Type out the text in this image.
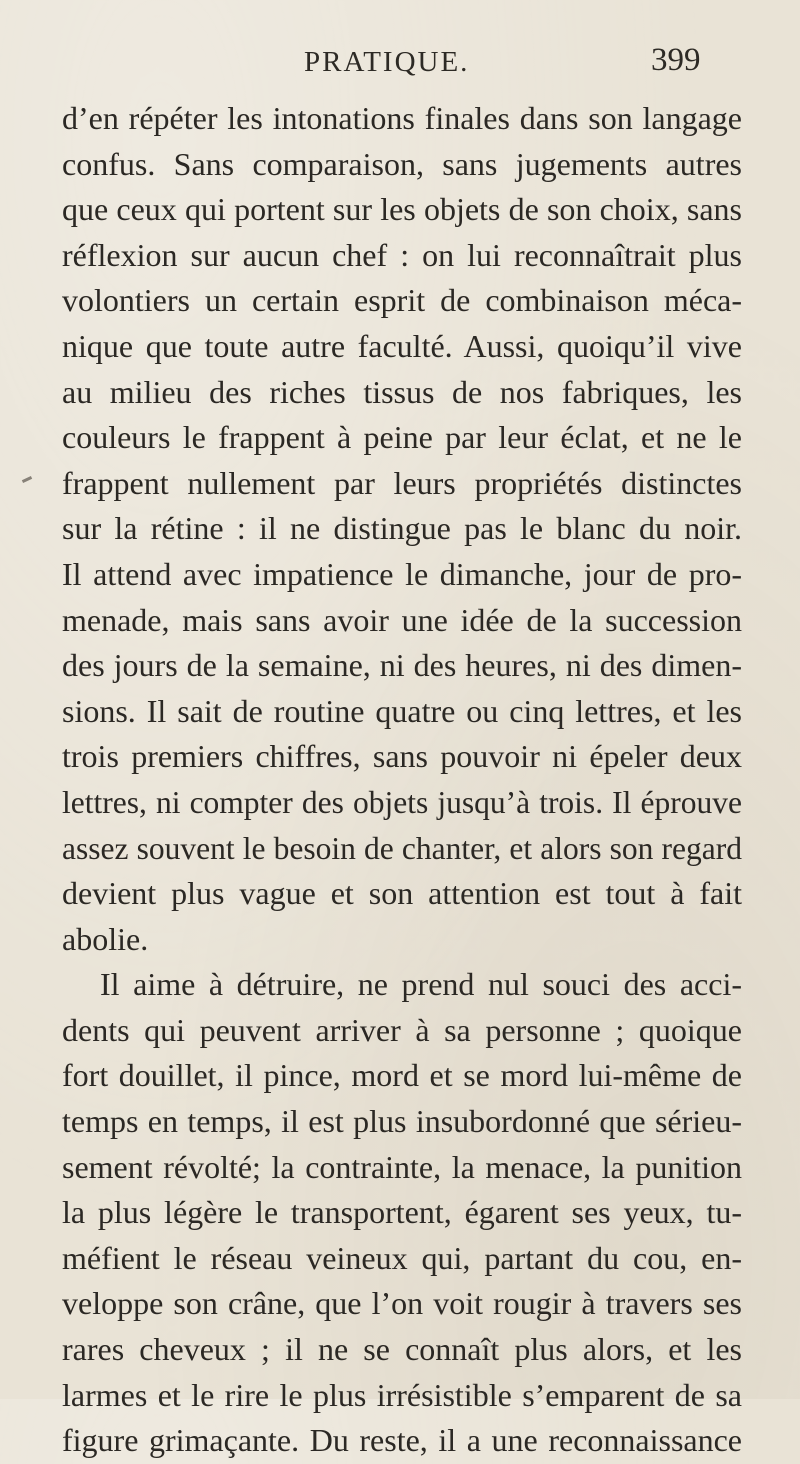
PRATIQUE.	399
d’en répéter les intonations finales dans son langage
confus. Sans comparaison, sans jugements autres
que ceux qui portent sur les objets de son choix, sans
réflexion sur aucun chef : on lui reconnaîtrait plus
volontiers un certain esprit de combinaison méca-
nique que toute autre faculté. Aussi, quoiqu’il vive
au milieu des riches tissus de nos fabriques, les
couleurs le frappent à peine par leur éclat, et ne le
frappent nullement par leurs propriétés distinctes
sur la rétine : il ne distingue pas le blanc du noir.
Il attend avec impatience le dimanche, jour de pro-
menade, mais sans avoir une idée de la succession
des jours de la semaine, ni des heures, ni des dimen-
sions. Il sait de routine quatre ou cinq lettres, et les
trois premiers chiffres, sans pouvoir ni épeler deux
lettres, ni compter des objets jusqu’à trois. Il éprouve
assez souvent le besoin de chanter, et alors son regard
devient plus vague et son attention est tout à fait
abolie.
Il aime à détruire, ne prend nul souci des acci-
dents qui peuvent arriver à sa personne ; quoique
fort douillet, il pince, mord et se mord lui-même de
temps en temps, il est plus insubordonné que sérieu-
sement révolté; la contrainte, la menace, la punition
la plus légère le transportent, égarent ses yeux, tu-
méfient le réseau veineux qui, partant du cou, en-
veloppe son crâne, que l’on voit rougir à travers ses
rares cheveux ; il ne se connaît plus alors, et les
larmes et le rire le plus irrésistible s’emparent de sa
figure grimaçante. Du reste, il a une reconnaissance
